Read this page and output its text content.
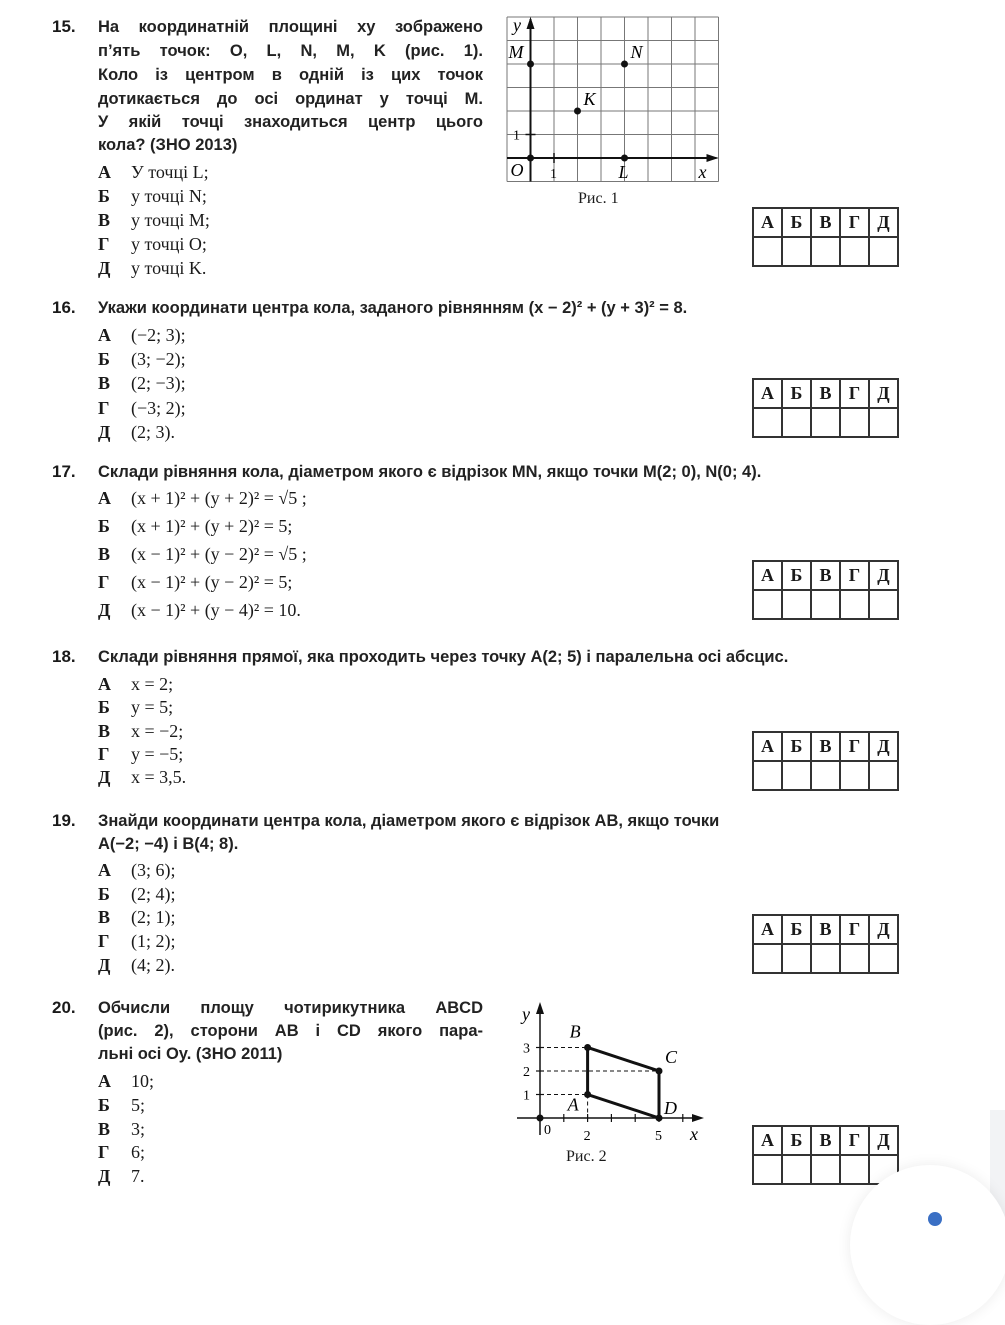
15. На координатній площині xy зображено
п’ять точок: O, L, N, M, K (рис. 1).
Коло із центром в одній із цих точок
дотикається до осі ординат у точці M.
У якій точці знаходиться центр цього
кола? (ЗНО 2013)
А У точці L;
Б у точці N;
В у точці M;
Г у точці O;
Д у точці K.
А	Б	В	Г	Д

16. Укажи координати центра кола, заданого рівнянням (x − 2)² + (y + 3)² = 8.
А (−2; 3);
Б (3; −2);
В (2; −3);
Г (−3; 2);
Д (2; 3).
А	Б	В	Г	Д

17. Склади рівняння кола, діаметром якого є відрізок MN, якщо точки M(2; 0), N(0; 4).
А (x + 1)² + (y + 2)² = √5 ;
Б (x + 1)² + (y + 2)² = 5;
В (x − 1)² + (y − 2)² = √5 ;
Г (x − 1)² + (y − 2)² = 5;
Д (x − 1)² + (y − 4)² = 10.
А	Б	В	Г	Д

18. Склади рівняння прямої, яка проходить через точку A(2; 5) і паралельна осі абсцис.
А x = 2;
Б y = 5;
В x = −2;
Г y = −5;
Д x = 3,5.
А	Б	В	Г	Д

19. Знайди координати центра кола, діаметром якого є відрізок AB, якщо точки
A(−2; −4) і B(4; 8).
А (3; 6);
Б (2; 4);
В (2; 1);
Г (1; 2);
Д (4; 2).
А	Б	В	Г	Д

20. Обчисли площу чотирикутника ABCD
(рис. 2), сторони AB і CD якого пара-
льні осі Oy. (ЗНО 2011)
А 10;
Б 5;
В 3;
Г 6;
Д 7.
А	Б	В	Г	Д

1
1
x
y
O
M	N
K
L
Рис. 1
1
2
3
0 2	5 x
y
A
B
C
D
Рис. 2
